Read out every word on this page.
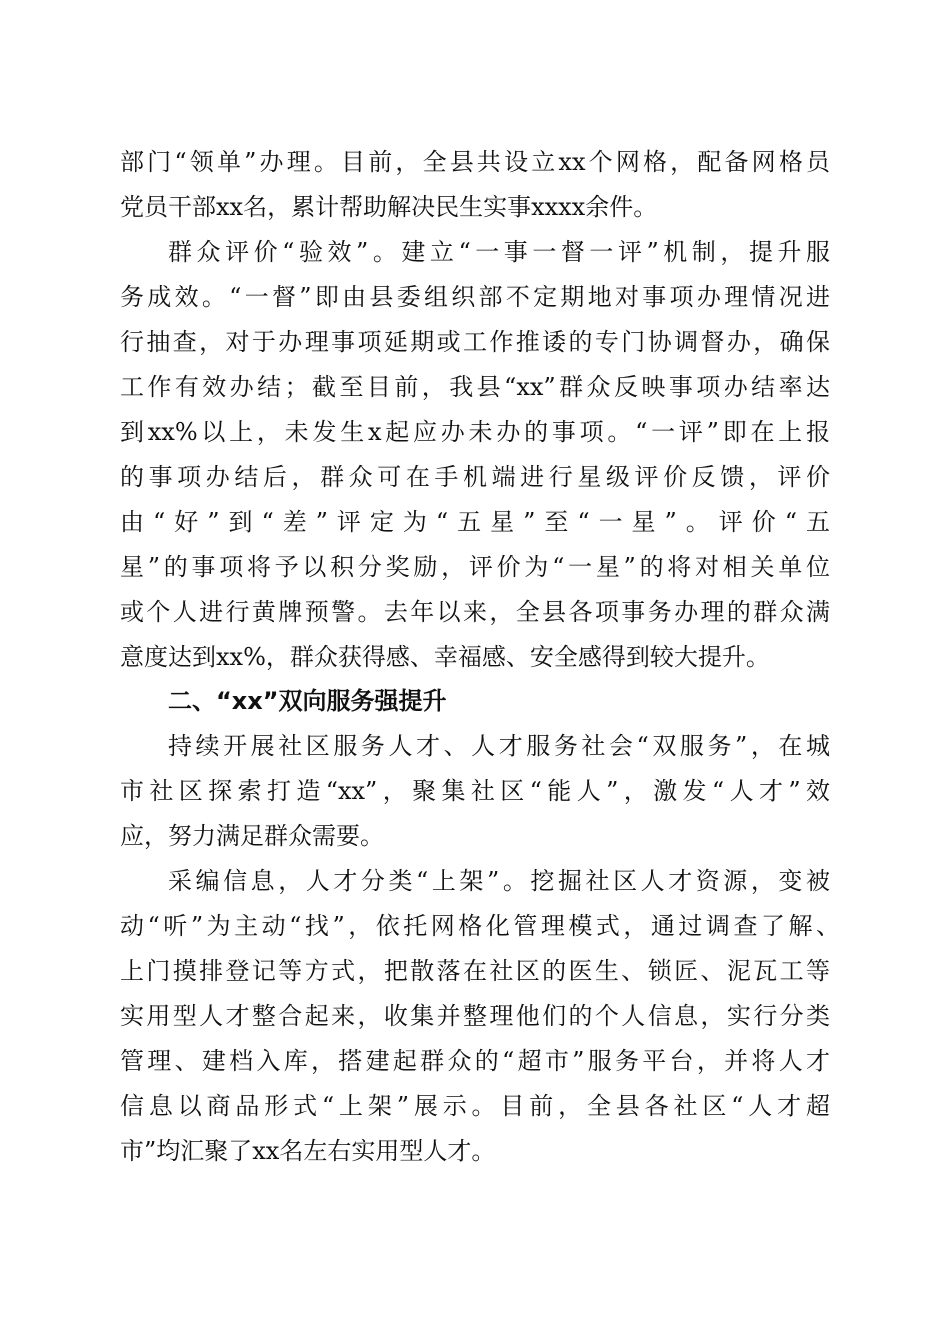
部门“领单”办理。目前，全县共设立xx个网格，配备网格员
党员干部xx名，累计帮助解决民生实事xxxx余件。
群众评价“验效”。建立“一事一督一评”机制，提升服
务成效。“一督”即由县委组织部不定期地对事项办理情况进
行抽查，对于办理事项延期或工作推诿的专门协调督办，确保
工作有效办结；截至目前，我县“xx”群众反映事项办结率达
到xx%以上，未发生x起应办未办的事项。“一评”即在上报
的事项办结后，群众可在手机端进行星级评价反馈，评价
由“好”到“差”评定为“五星”至“一星”。评价“五
星”的事项将予以积分奖励，评价为“一星”的将对相关单位
或个人进行黄牌预警。去年以来，全县各项事务办理的群众满
意度达到xx%，群众获得感、幸福感、安全感得到较大提升。
二、“xx”双向服务强提升
持续开展社区服务人才、人才服务社会“双服务”，在城
市社区探索打造“xx”，聚集社区“能人”，激发“人才”效
应，努力满足群众需要。
采编信息，人才分类“上架”。挖掘社区人才资源，变被
动“听”为主动“找”，依托网格化管理模式，通过调查了解、
上门摸排登记等方式，把散落在社区的医生、锁匠、泥瓦工等
实用型人才整合起来，收集并整理他们的个人信息，实行分类
管理、建档入库，搭建起群众的“超市”服务平台，并将人才
信息以商品形式“上架”展示。目前，全县各社区“人才超
市”均汇聚了xx名左右实用型人才。
